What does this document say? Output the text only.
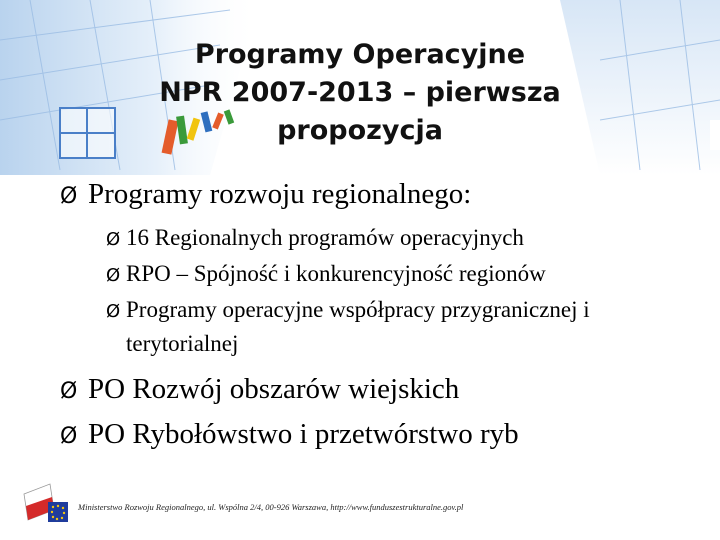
Programy Operacyjne
NPR 2007-2013 – pierwsza
propozycja
Ø Programy rozwoju regionalnego:
Ø 16 Regionalnych programów operacyjnych
Ø RPO – Spójność i konkurencyjność regionów
Ø Programy operacyjne współpracy przygranicznej i terytorialnej
Ø PO Rozwój obszarów wiejskich
Ø PO Rybołówstwo i przetwórstwo ryb
Ministerstwo Rozwoju Regionalnego, ul. Wspólna 2/4, 00-926 Warszawa, http://www.funduszestrukturalne.gov.pl
